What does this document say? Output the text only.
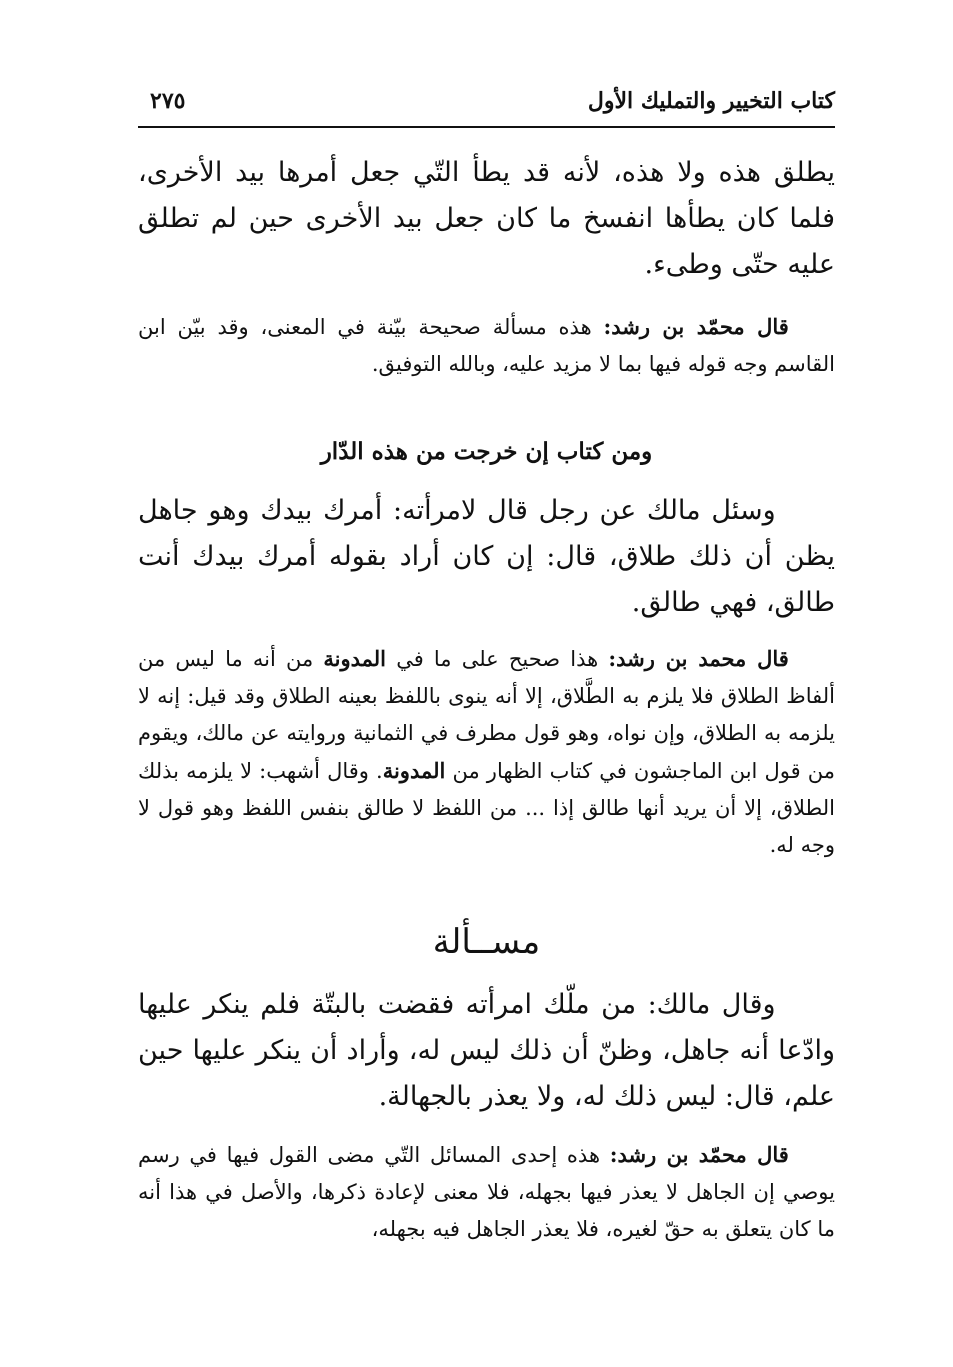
كتاب التخيير والتمليك الأول
٢٧٥

يطلق هذه ولا هذه، لأنه قد يطأ التّي جعل أمرها بيد الأخرى، فلما كان يطأها انفسخ ما كان جعل بيد الأخرى حين لم تطلق عليه حتّى وطىء.

قال محمّد بن رشد: هذه مسألة صحيحة بيّنة في المعنى، وقد بيّن ابن القاسم وجه قوله فيها بما لا مزيد عليه، وبالله التوفيق.

ومن كتاب إن خرجت من هذه الدّار

وسئل مالك عن رجل قال لامرأته: أمرك بيدك وهو جاهل يظن أن ذلك طلاق، قال: إن كان أراد بقوله أمرك بيدك أنت طالق، فهي طالق.

قال محمد بن رشد: هذا صحيح على ما في المدونة من أنه ما ليس من ألفاظ الطلاق فلا يلزم به الطَّلاق، إلا أنه ينوى باللفظ بعينه الطلاق وقد قيل: إنه لا يلزمه به الطلاق، وإن نواه، وهو قول مطرف في الثمانية وروايته عن مالك، ويقوم من قول ابن الماجشون في كتاب الظهار من المدونة. وقال أشهب: لا يلزمه بذلك الطلاق، إلا أن يريد أنها طالق إذا ... من اللفظ لا طالق بنفس اللفظ وهو قول لا وجه له.

مســألة

وقال مالك: من ملّك امرأته فقضت بالبتّة فلم ينكر عليها وادّعا أنه جاهل، وظنّ أن ذلك ليس له، وأراد أن ينكر عليها حين علم، قال: ليس ذلك له، ولا يعذر بالجهالة.

قال محمّد بن رشد: هذه إحدى المسائل التّي مضى القول فيها في رسم يوصي إن الجاهل لا يعذر فيها بجهله، فلا معنى لإعادة ذكرها، والأصل في هذا أنه ما كان يتعلق به حقّ لغيره، فلا يعذر الجاهل فيه بجهله،
